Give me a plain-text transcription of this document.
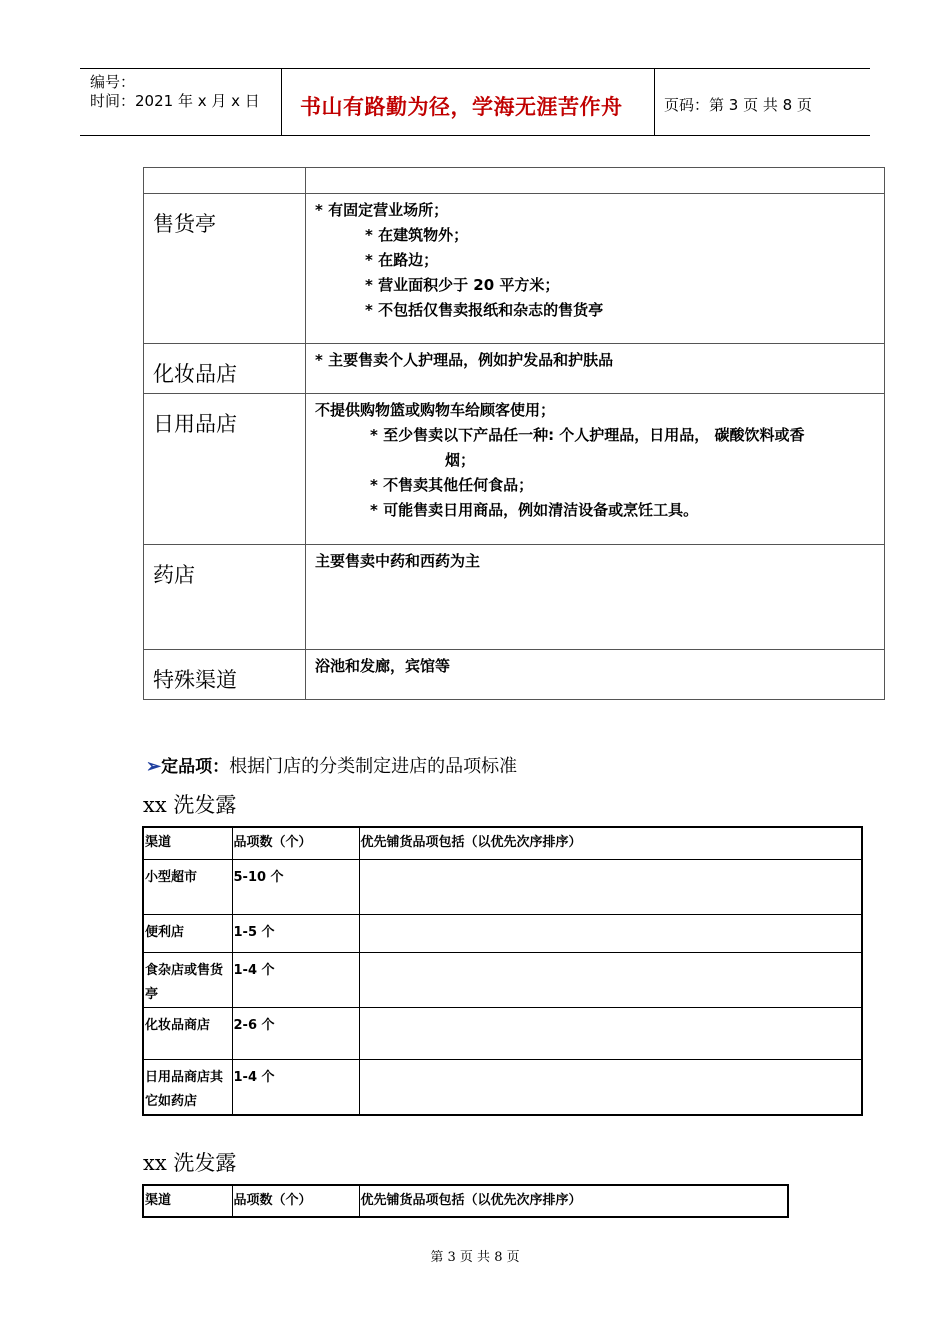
编号：
时间：2021 年 x 月 x 日 书山有路勤为径，学海无涯苦作舟	页码：第 3 页 共 8 页

售货亭	* 有固定营业场所；
* 在建筑物外；
* 在路边；
* 营业面积少于 20 平方米；
* 不包括仅售卖报纸和杂志的售货亭

化妆品店	* 主要售卖个人护理品，例如护发品和护肤品

日用品店	不提供购物篮或购物车给顾客使用；
* 至少售卖以下产品任一种: 个人护理品，日用品， 碳酸饮料或香
烟；
* 不售卖其他任何食品；
* 可能售卖日用商品，例如清洁设备或烹饪工具。

药店	主要售卖中药和西药为主

特殊渠道	浴池和发廊，宾馆等
➢定品项：根据门店的分类制定进店的品项标准
xx 洗发露
渠道	品项数（个）	优先铺货品项包括（以优先次序排序）
小型超市	5-10 个	
便利店	1-5 个	
食杂店或售货亭	1-4 个	
化妆品商店	2-6 个	
日用品商店其它如药店	1-4 个	
xx 洗发露
渠道	品项数（个）	优先铺货品项包括（以优先次序排序）
第 3 页 共 8 页
